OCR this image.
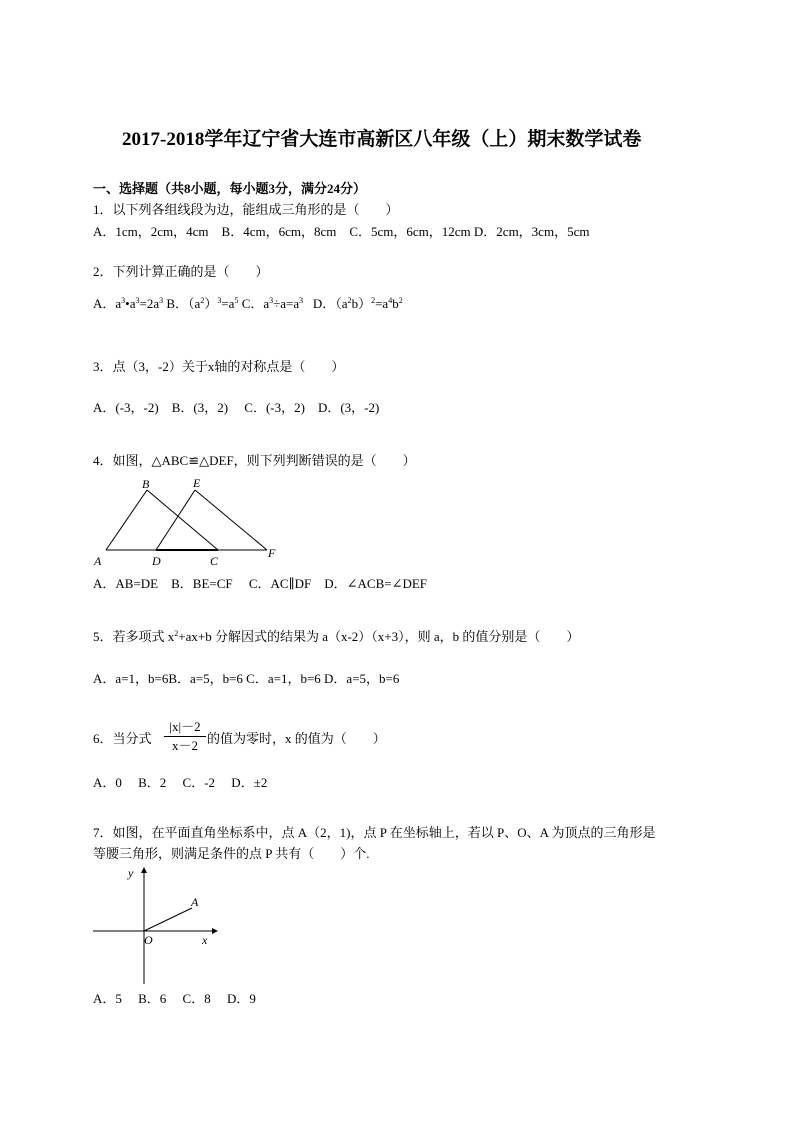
2017-2018学年辽宁省大连市高新区八年级（上）期末数学试卷
一、选择题（共8小题，每小题3分，满分24分）
1．以下列各组线段为边，能组成三角形的是（　　）
A．1cm，2cm，4cm　B．4cm，6cm，8cm　C．5cm，6cm，12cm D．2cm，3cm，5cm
2．下列计算正确的是（　　）
A．$a^3•a^3=2a^3$ B．$(a^2)^3=a^5$ C．$a^3\div a=a^3$ D．$(a^2b)^2=a^4b^2$
3．点（3，-2）关于x轴的对称点是（　　）
A．(-3，-2)　B．(3，2)　 C．(-3，2)　D．(3，-2)
4．如图，△ABC≌△DEF，则下列判断错误的是（　　）
A
B
D	C
E
F
A．AB=DE　B．BE=CF　 C．AC∥DF　D．∠ACB=∠DEF
5．若多项式 $x^2+ax+b$ 分解因式的结果为 a（x-2）（x+3），则 a，b 的值分别是（　　）
A．a=1，b=6B．a=5，b=6 C．a=1，b=6 D．a=5，b=6
6．当分式
|x|－2
x－2 的值为零时，x 的值为（　　）
A．0　 B．2　 C．-2　 D．±2
7．如图，在平面直角坐标系中，点 A（2，1)，点 P 在坐标轴上，若以 P、O、A 为顶点的三角形是
等腰三角形，则满足条件的点 P 共有（　　）个.
y
x
O
A
A．5　 B．6　 C．8　 D．9
